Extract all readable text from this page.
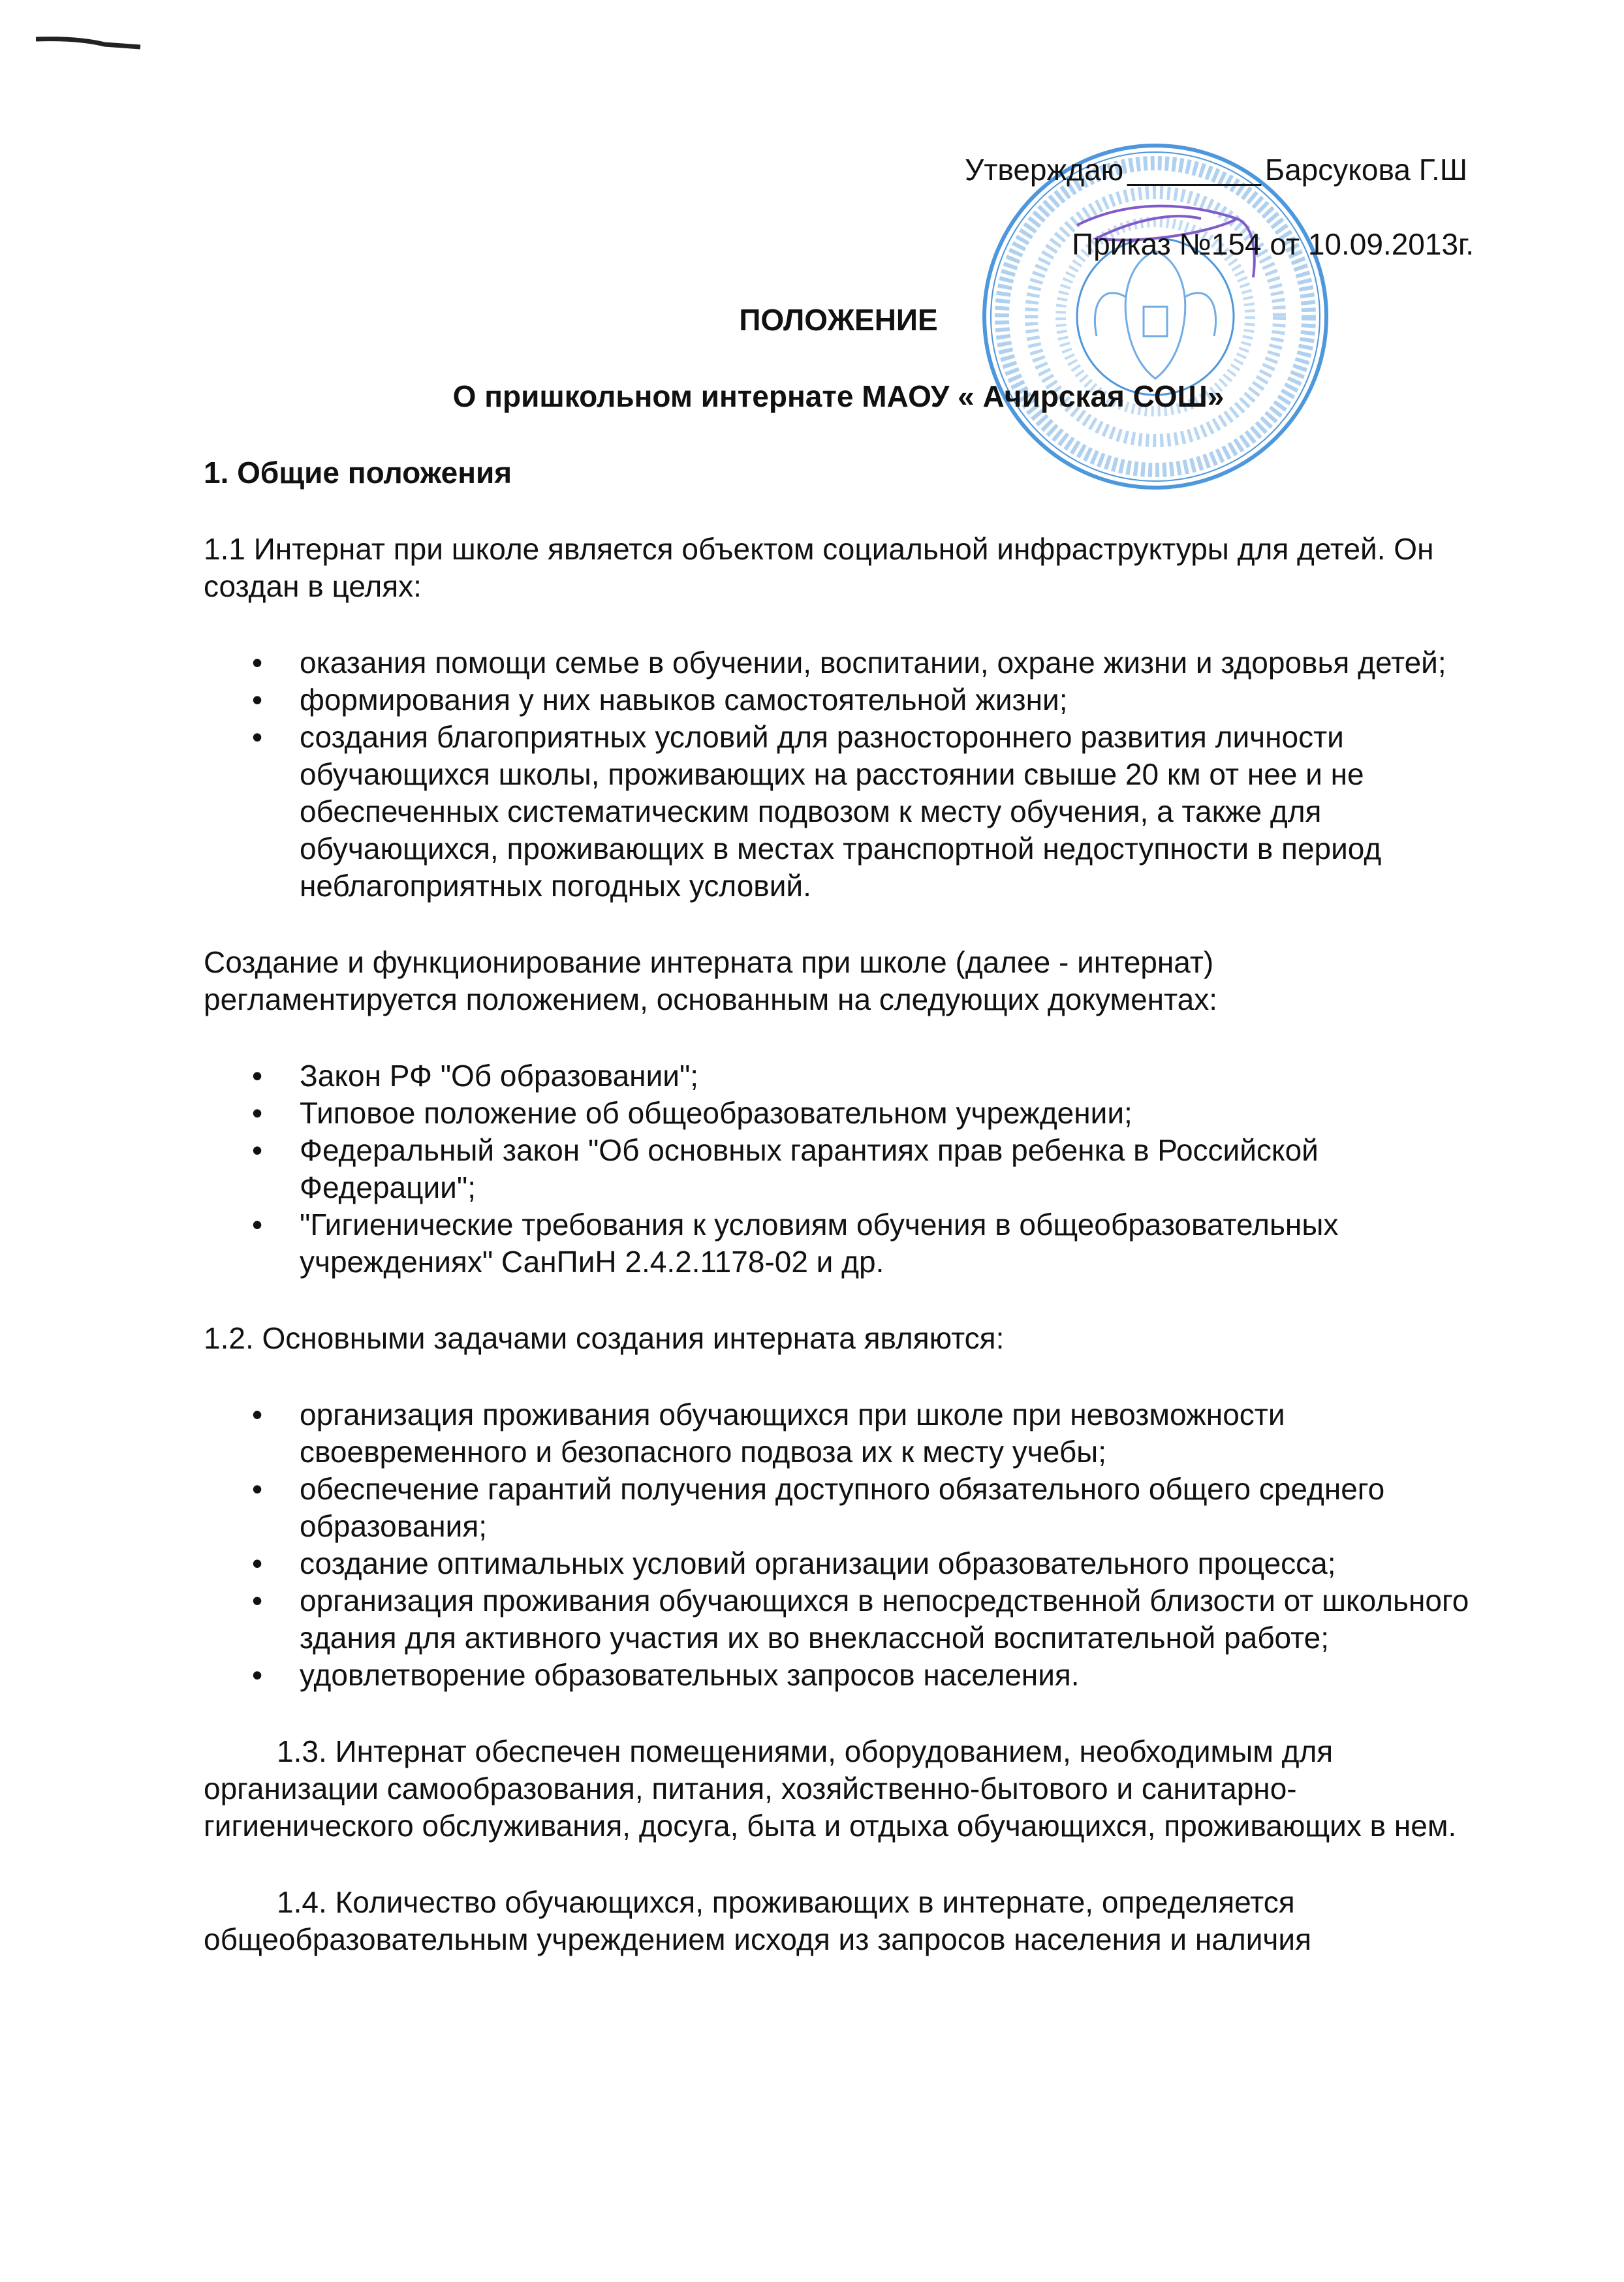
Утверждаю ________ Барсукова Г.Ш
Приказ №154 от 10.09.2013г.
ПОЛОЖЕНИЕ
О пришкольном интернате МАОУ « Ачирская СОШ»
1. Общие положения
1.1 Интернат при школе является объектом социальной инфраструктуры для детей. Он создан в целях:
• оказания помощи семье в обучении, воспитании, охране жизни и здоровья детей;
• формирования у них навыков самостоятельной жизни;
• создания благоприятных условий для разностороннего развития личности обучающихся школы, проживающих на расстоянии свыше 20 км от нее и не обеспеченных систематическим подвозом к месту обучения, а также для обучающихся, проживающих в местах транспортной недоступности в период неблагоприятных погодных условий.
Создание и функционирование интерната при школе (далее - интернат) регламентируется положением, основанным на следующих документах:
• Закон РФ "Об образовании";
• Типовое положение об общеобразовательном учреждении;
• Федеральный закон "Об основных гарантиях прав ребенка в Российской Федерации";
• "Гигиенические требования к условиям обучения в общеобразовательных учреждениях" СанПиН 2.4.2.1178-02 и др.
1.2. Основными задачами создания интерната являются:
• организация проживания обучающихся при школе при невозможности своевременного и безопасного подвоза их к месту учебы;
• обеспечение гарантий получения доступного обязательного общего среднего образования;
• создание оптимальных условий организации образовательного процесса;
• организация проживания обучающихся в непосредственной близости от школьного здания для активного участия их во внеклассной воспитательной работе;
• удовлетворение образовательных запросов населения.
1.3. Интернат обеспечен помещениями, оборудованием, необходимым для организации самообразования, питания, хозяйственно-бытового и санитарно-гигиенического обслуживания, досуга, быта и отдыха обучающихся, проживающих в нем.
1.4. Количество обучающихся, проживающих в интернате, определяется общеобразовательным учреждением исходя из запросов населения и наличия
